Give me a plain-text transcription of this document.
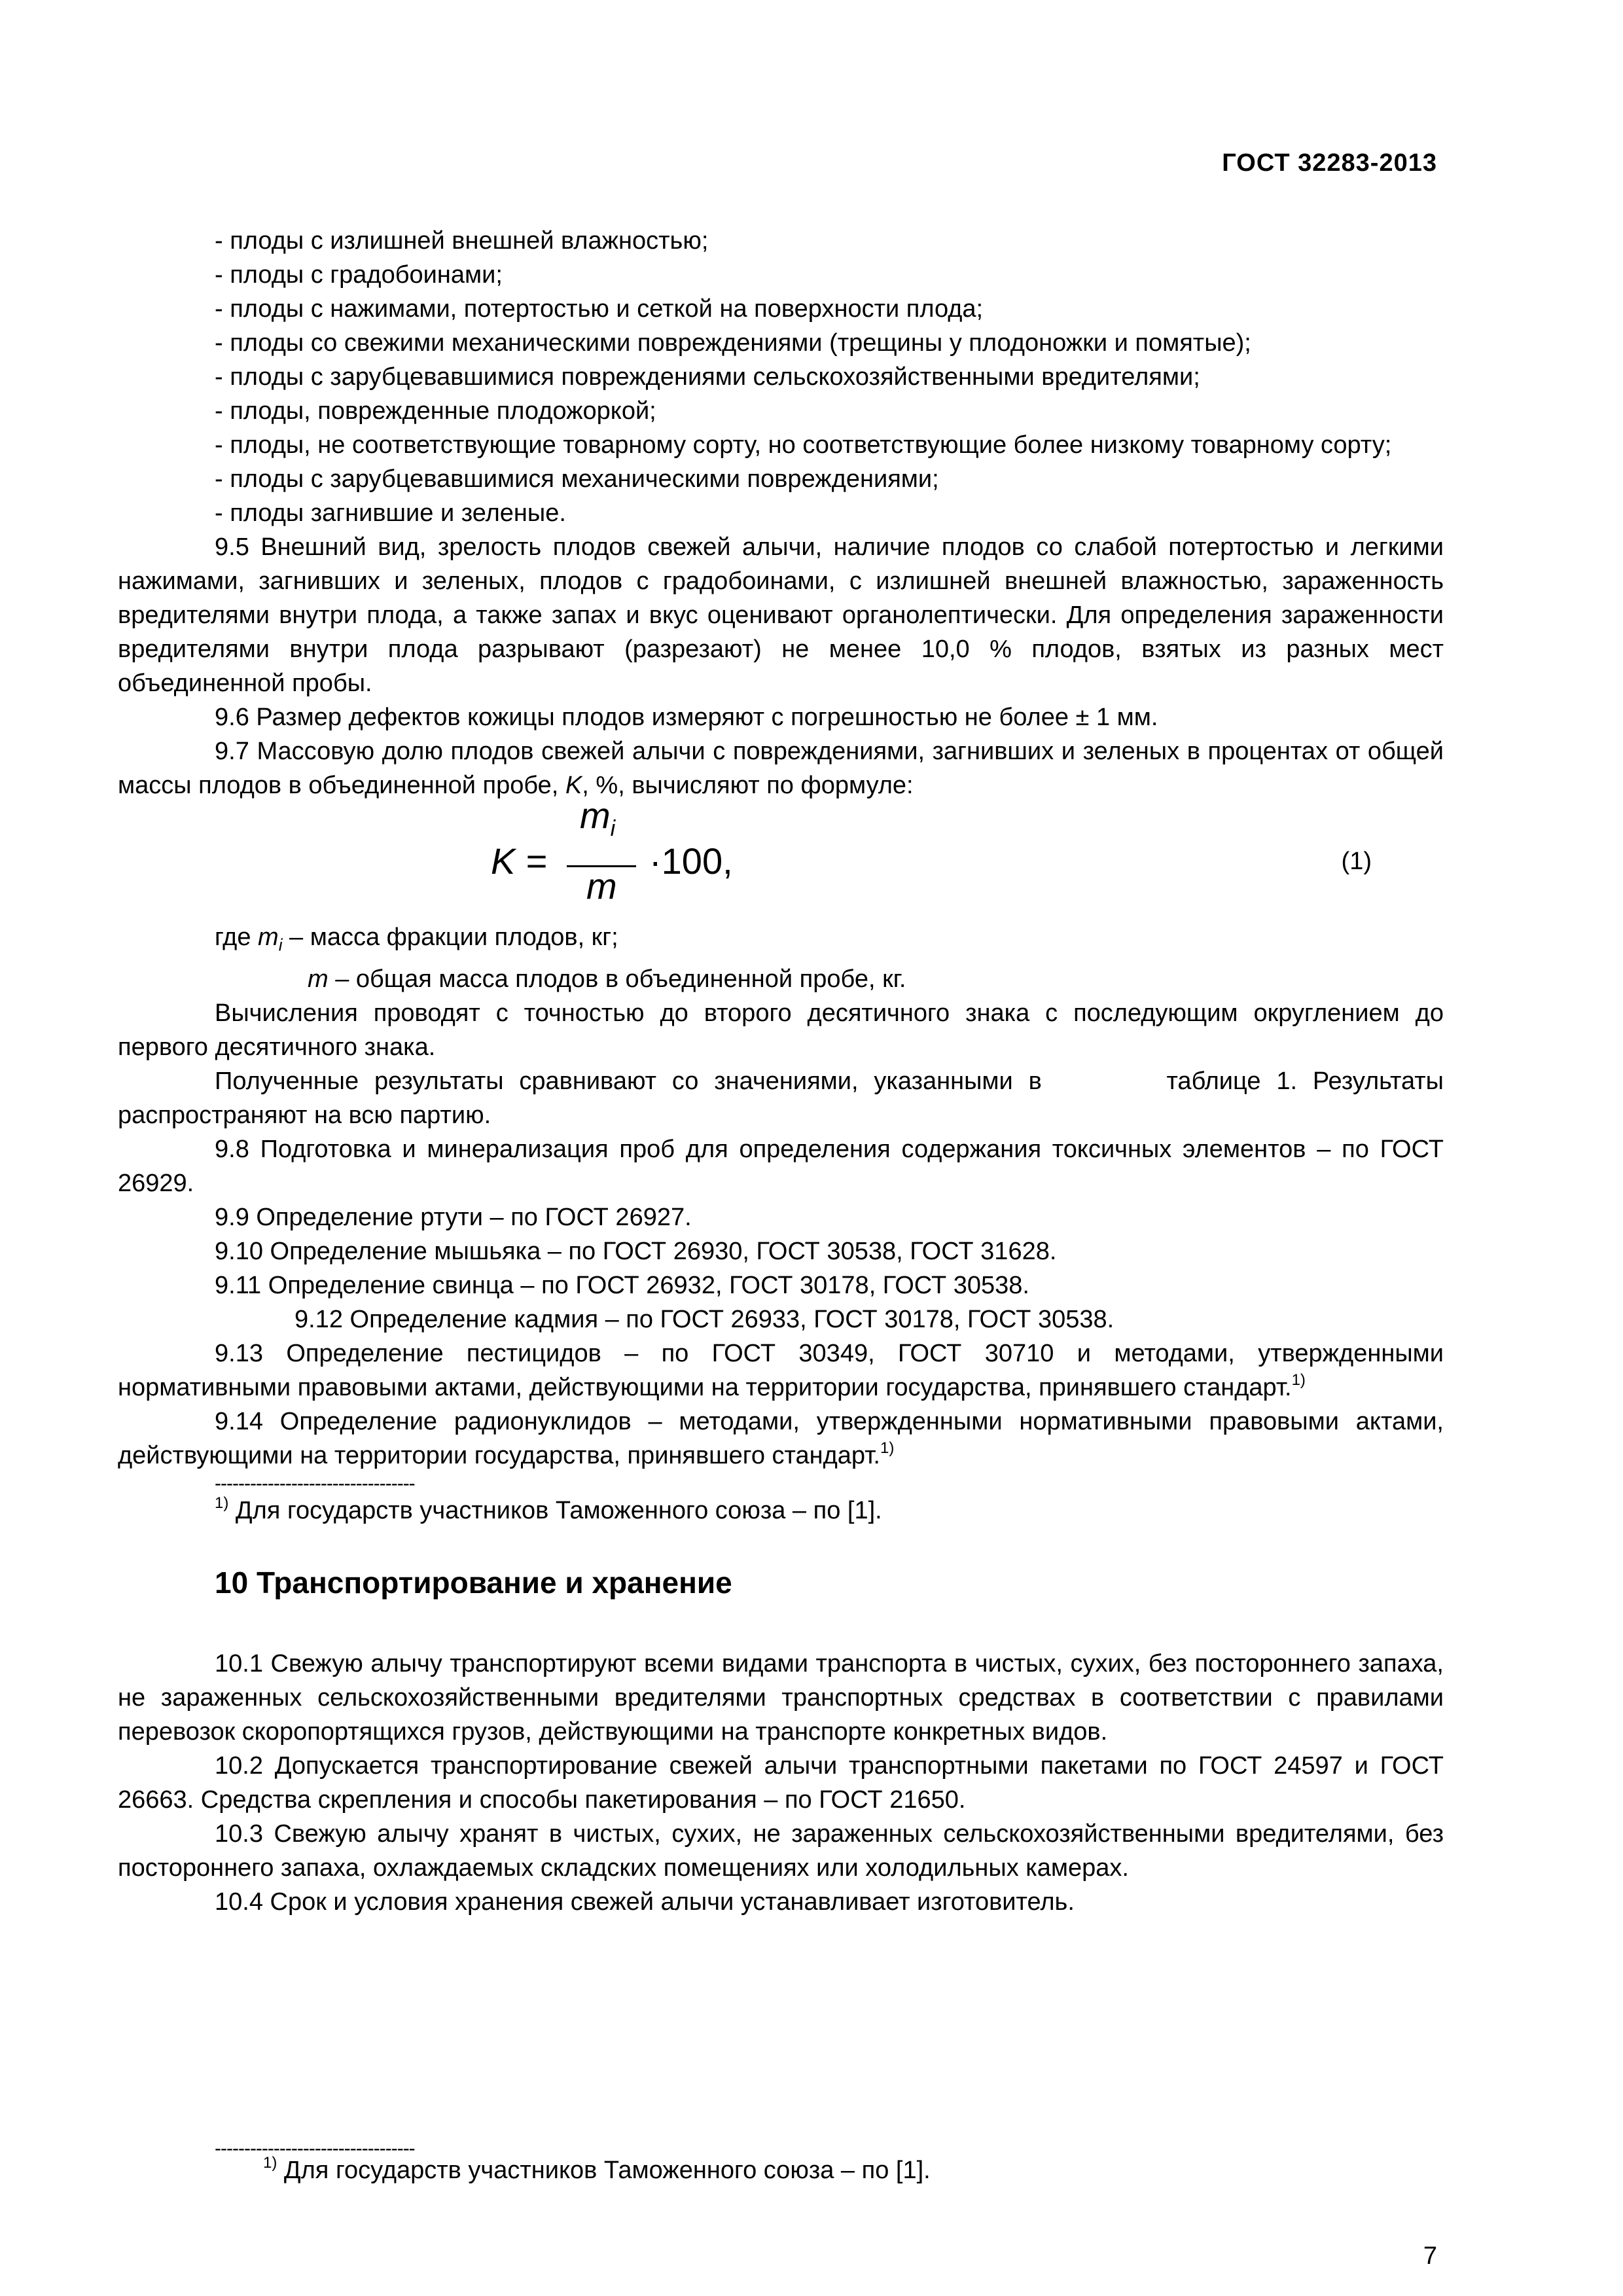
ГОСТ 32283-2013

- плоды с излишней внешней влажностью;

- плоды с градобоинами;

- плоды с нажимами, потертостью и сеткой на поверхности плода;

- плоды со свежими механическими повреждениями (трещины у плодоножки и помятые);

- плоды с зарубцевавшимися повреждениями сельскохозяйственными вредителями;

- плоды, поврежденные плодожоркой;

- плоды, не соответствующие товарному сорту, но соответствующие более низкому товарному сорту;

- плоды с зарубцевавшимися механическими повреждениями;

- плоды загнившие и зеленые.

9.5 Внешний вид, зрелость плодов свежей алычи, наличие плодов со слабой потертостью и легкими нажимами, загнивших и зеленых, плодов с градобоинами, с излишней внешней влажностью, зараженность вредителями внутри плода, а также запах и вкус оценивают органолептически. Для определения зараженности вредителями внутри плода разрывают (разрезают) не менее 10,0 % плодов, взятых из разных мест объединенной пробы.

9.6 Размер дефектов кожицы плодов измеряют с погрешностью не более ± 1 мм.

9.7 Массовую долю плодов свежей алычи с повреждениями, загнивших и зеленых в процентах от общей массы плодов в объединенной пробе, K, %, вычисляют по формуле:

K =
$m_i$
m
·100,	(1)

где $m_i$ – масса фракции плодов, кг;

m – общая масса плодов в объединенной пробе, кг.

Вычисления проводят с точностью до второго десятичного знака с последующим округлением до первого десятичного знака.

Полученные результаты сравнивают со значениями, указанными в        таблице 1. Результаты распространяют на всю партию.

9.8 Подготовка и минерализация проб для определения содержания токсичных элементов – по ГОСТ 26929.

9.9 Определение ртути – по ГОСТ 26927.

9.10 Определение мышьяка – по ГОСТ 26930, ГОСТ 30538, ГОСТ 31628.

9.11 Определение свинца – по ГОСТ 26932, ГОСТ 30178, ГОСТ 30538.

9.12 Определение кадмия – по ГОСТ 26933, ГОСТ 30178, ГОСТ 30538.

9.13 Определение пестицидов – по ГОСТ 30349, ГОСТ 30710 и методами, утвержденными нормативными правовыми актами, действующими на территории государства, принявшего стандарт.$^{1)}$

9.14 Определение радионуклидов – методами, утвержденными нормативными правовыми актами, действующими на территории государства, принявшего стандарт.$^{1)}$

----------------------------------

$^{1)}$ Для государств участников Таможенного союза – по [1].

10 Транспортирование и хранение

10.1 Свежую алычу транспортируют всеми видами транспорта в чистых, сухих, без постороннего запаха, не зараженных сельскохозяйственными вредителями транспортных средствах в соответствии с правилами перевозок скоропортящихся грузов, действующими на транспорте конкретных видов.

10.2 Допускается транспортирование свежей алычи транспортными пакетами по ГОСТ 24597 и ГОСТ 26663. Средства скрепления и способы пакетирования – по ГОСТ 21650.

10.3 Свежую алычу хранят в чистых, сухих, не зараженных сельскохозяйственными вредителями, без постороннего запаха, охлаждаемых складских помещениях или холодильных камерах.

10.4 Срок и условия хранения свежей алычи устанавливает изготовитель.

----------------------------------
$^{1)}$ Для государств участников Таможенного союза – по [1].
7
